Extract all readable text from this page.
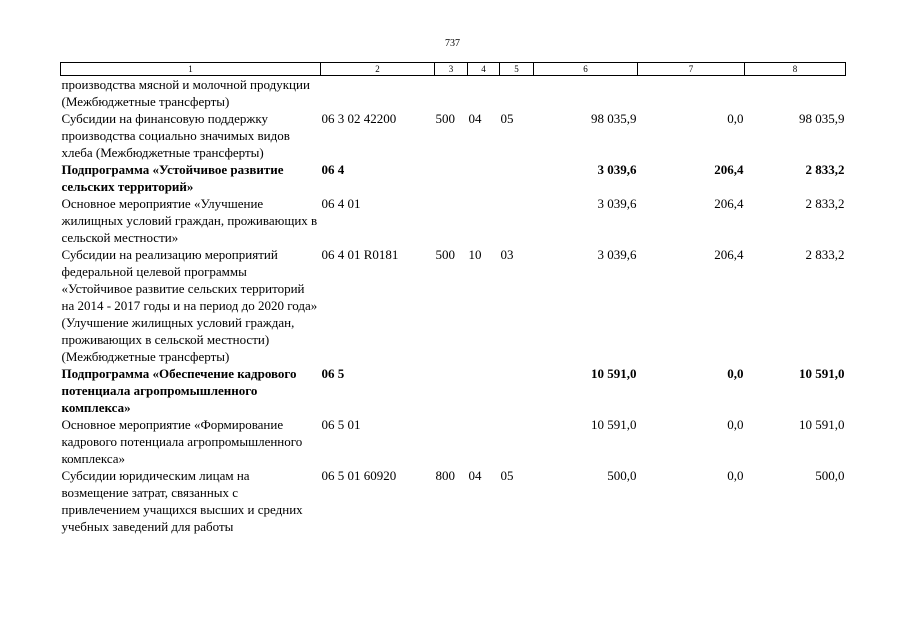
737
1	2	3	4	5	6	7	8
производства мясной и молочной продукции (Межбюджетные трансферты)							
Субсидии на финансовую поддержку производства социально значимых видов хлеба (Межбюджетные трансферты)	06 3 02 42200	500	04	05	98 035,9	0,0	98 035,9
Подпрограмма «Устойчивое развитие сельских территорий»	06 4				3 039,6	206,4	2 833,2
Основное мероприятие «Улучшение жилищных условий граждан, проживающих в сельской местности»	06 4 01				3 039,6	206,4	2 833,2
Субсидии на реализацию мероприятий федеральной целевой программы «Устойчивое развитие сельских территорий на 2014 - 2017 годы и на период до 2020 года» (Улучшение жилищных условий граждан, проживающих в сельской местности) (Межбюджетные трансферты)	06 4 01 R0181	500	10	03	3 039,6	206,4	2 833,2
Подпрограмма «Обеспечение кадрового потенциала агропромышленного комплекса»	06 5				10 591,0	0,0	10 591,0
Основное мероприятие «Формирование кадрового потенциала агропромышленного комплекса»	06 5 01				10 591,0	0,0	10 591,0
Субсидии юридическим лицам на возмещение затрат, связанных с привлечением учащихся высших и средних учебных заведений для работы	06 5 01 60920	800	04	05	500,0	0,0	500,0
